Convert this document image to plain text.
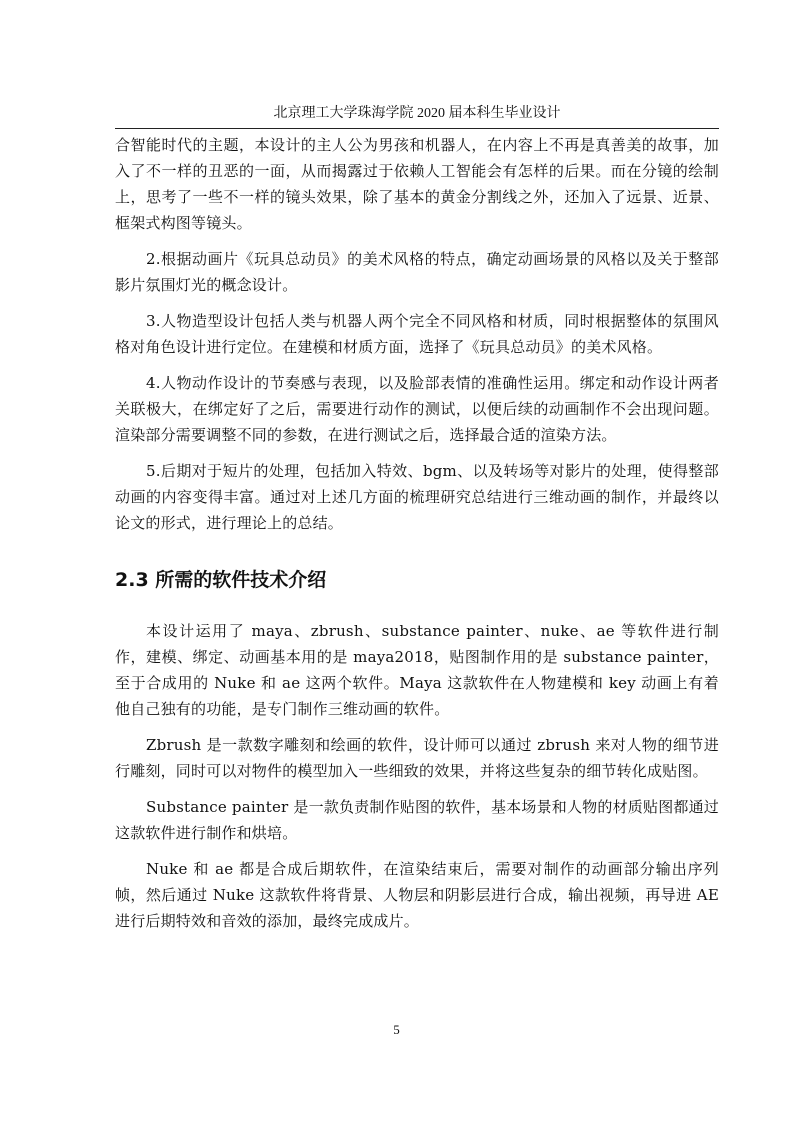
北京理工大学珠海学院 2020 届本科生毕业设计

合智能时代的主题，本设计的主人公为男孩和机器人，在内容上不再是真善美的故事，加入了不一样的丑恶的一面，从而揭露过于依赖人工智能会有怎样的后果。而在分镜的绘制上，思考了一些不一样的镜头效果，除了基本的黄金分割线之外，还加入了远景、近景、框架式构图等镜头。

2.根据动画片《玩具总动员》的美术风格的特点，确定动画场景的风格以及关于整部影片氛围灯光的概念设计。

3.人物造型设计包括人类与机器人两个完全不同风格和材质，同时根据整体的氛围风格对角色设计进行定位。在建模和材质方面，选择了《玩具总动员》的美术风格。

4.人物动作设计的节奏感与表现，以及脸部表情的准确性运用。绑定和动作设计两者关联极大，在绑定好了之后，需要进行动作的测试，以便后续的动画制作不会出现问题。渲染部分需要调整不同的参数，在进行测试之后，选择最合适的渲染方法。

5.后期对于短片的处理，包括加入特效、bgm、以及转场等对影片的处理，使得整部动画的内容变得丰富。通过对上述几方面的梳理研究总结进行三维动画的制作，并最终以论文的形式，进行理论上的总结。

2.3 所需的软件技术介绍

本设计运用了 maya、zbrush、substance painter、nuke、ae 等软件进行制作，建模、绑定、动画基本用的是 maya2018，贴图制作用的是 substance painter，至于合成用的 Nuke 和 ae 这两个软件。Maya 这款软件在人物建模和 key 动画上有着他自己独有的功能，是专门制作三维动画的软件。

Zbrush 是一款数字雕刻和绘画的软件，设计师可以通过 zbrush 来对人物的细节进行雕刻，同时可以对物件的模型加入一些细致的效果，并将这些复杂的细节转化成贴图。

Substance painter 是一款负责制作贴图的软件，基本场景和人物的材质贴图都通过这款软件进行制作和烘培。

Nuke 和 ae 都是合成后期软件，在渲染结束后，需要对制作的动画部分输出序列帧，然后通过 Nuke 这款软件将背景、人物层和阴影层进行合成，输出视频，再导进 AE 进行后期特效和音效的添加，最终完成成片。

5
